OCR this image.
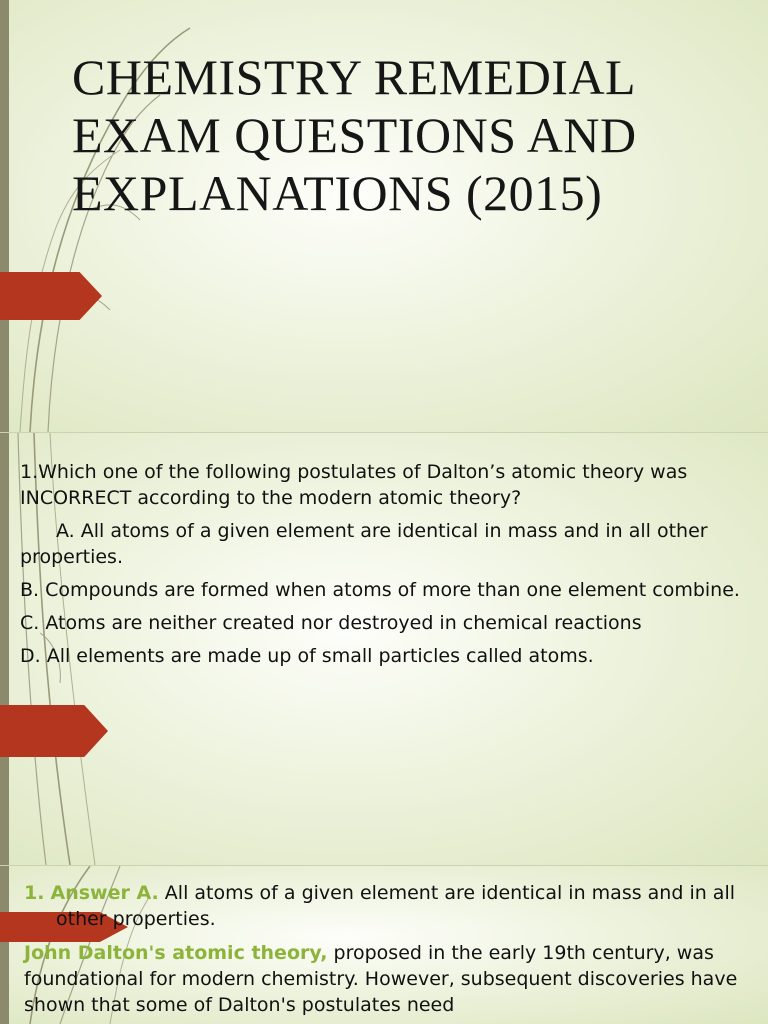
CHEMISTRY REMEDIAL EXAM QUESTIONS AND EXPLANATIONS (2015)

1.Which one of the following postulates of Dalton’s atomic theory was INCORRECT according to the modern atomic theory?

A. All atoms of a given element are identical in mass and in all other properties.

B. Compounds are formed when atoms of more than one element combine.

C. Atoms are neither created nor destroyed in chemical reactions

D. All elements are made up of small particles called atoms.

1. Answer A. All atoms of a given element are identical in mass and in all other properties.

John Dalton's atomic theory, proposed in the early 19th century, was foundational for modern chemistry. However, subsequent discoveries have shown that some of Dalton's postulates need
